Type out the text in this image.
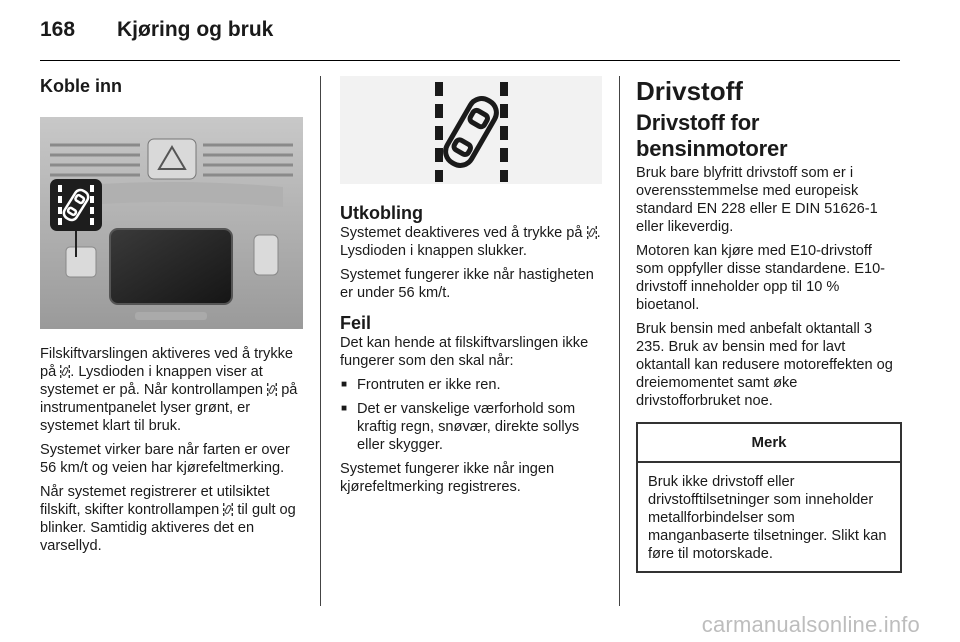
168 Kjøring og bruk
Koble inn

Filskiftvarslingen aktiveres ved å trykke på . Lysdioden i knappen viser at systemet er på. Når kontrollampen på instrumentpanelet lyser grønt, er systemet klart til bruk.

Systemet virker bare når farten er over 56 km/t og veien har kjørefeltmerking.

Når systemet registrerer et utilsiktet filskift, skifter kontrollampen til gult og blinker. Samtidig aktiveres det en varsellyd.

Utkobling

Systemet deaktiveres ved å trykke på . Lysdioden i knappen slukker.

Systemet fungerer ikke når hastigheten er under 56 km/t.

Feil

Det kan hende at filskiftvarslingen ikke fungerer som den skal når:

■ Frontruten er ikke ren.
■ Det er vanskelige værforhold som kraftig regn, snøvær, direkte sollys eller skygger.

Systemet fungerer ikke når ingen kjørefeltmerking registreres.

Drivstoff
Drivstoff for bensinmotorer

Bruk bare blyfritt drivstoff som er i overensstemmelse med europeisk standard EN 228 eller E DIN 51626-1 eller likeverdig.

Motoren kan kjøre med E10-drivstoff som oppfyller disse standardene. E10-drivstoff inneholder opp til 10 % bioetanol.

Bruk bensin med anbefalt oktantall 3 235. Bruk av bensin med for lavt oktantall kan redusere motoreffekten og dreiemomentet samt øke drivstofforbruket noe.

Merk

Bruk ikke drivstoff eller drivstofftilsetninger som inneholder metallforbindelser som manganbaserte tilsetninger. Slikt kan føre til motorskade.

carmanualsonline.info
